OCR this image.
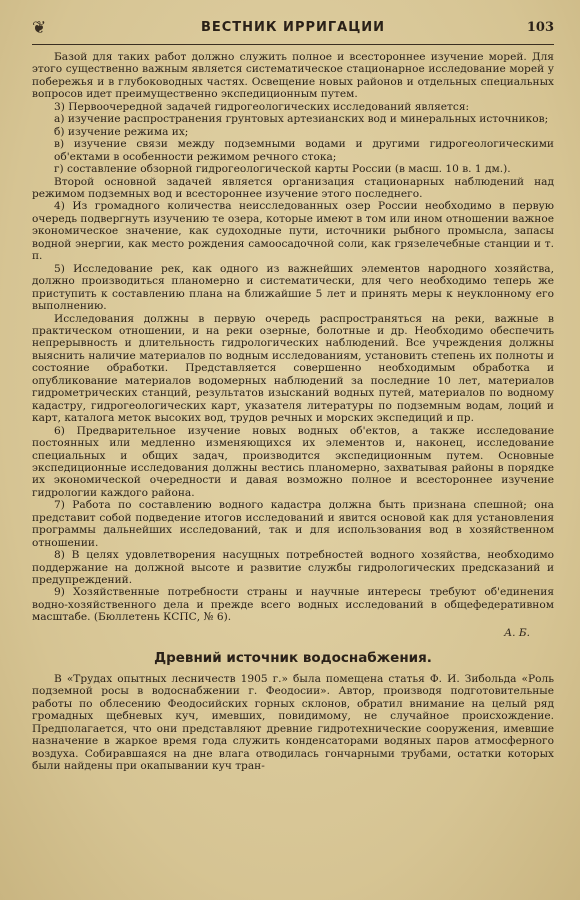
❦	ВЕСТНИК ИРРИГАЦИИ	103

Базой для таких работ должно служить полное и всестороннее изучение морей. Для этого существенно важным является систематическое стационарное исследование морей у побережья и в глубоководных частях. Освещение новых районов и отдельных специальных вопросов идет преимущественно экспедиционным путем.

3) Первоочередной задачей гидрогеологических исследований является:

а) изучение распространения грунтовых артезианских вод и минеральных источников;

б) изучение режима их;

в) изучение связи между подземными водами и другими гидрогеологическими об'ектами в особенности режимом речного стока;

г) составление обзорной гидрогеологической карты России (в масш. 10 в. 1 дм.).

Второй основной задачей является организация стационарных наблюдений над режимом подземных вод и всестороннее изучение этого последнего.

4) Из громадного количества неисследованных озер России необходимо в первую очередь подвергнуть изучению те озера, которые имеют в том или ином отношении важное экономическое значение, как судоходные пути, источники рыбного промысла, запасы водной энергии, как место рождения самоосадочной соли, как грязелечебные станции и т. п.

5) Исследование рек, как одного из важнейших элементов народного хозяйства, должно производиться планомерно и систематически, для чего необходимо теперь же приступить к составлению плана на ближайшие 5 лет и принять меры к неуклонному его выполнению.

Исследования должны в первую очередь распространяться на реки, важные в практическом отношении, и на реки озерные, болотные и др. Необходимо обеспечить непрерывность и длительность гидрологических наблюдений. Все учреждения должны выяснить наличие материалов по водным исследованиям, установить степень их полноты и состояние обработки. Представляется совершенно необходимым обработка и опубликование материалов водомерных наблюдений за последние 10 лет, материалов гидрометрических станций, результатов изысканий водных путей, материалов по водному кадастру, гидрогеологических карт, указателя литературы по подземным водам, лоций и карт, каталога меток высоких вод, трудов речных и морских экспедиций и пр.

6) Предварительное изучение новых водных об'ектов, а также исследование постоянных или медленно изменяющихся их элементов и, наконец, исследование специальных и общих задач, производится экспедиционным путем. Основные экспедиционные исследования должны вестись планомерно, захватывая районы в порядке их экономической очередности и давая возможно полное и всестороннее изучение гидрологии каждого района.

7) Работа по составлению водного кадастра должна быть признана спешной; она представит собой подведение итогов исследований и явится основой как для установления программы дальнейших исследований, так и для использования вод в хозяйственном отношении.

8) В целях удовлетворения насущных потребностей водного хозяйства, необходимо поддержание на должной высоте и развитие службы гидрологических предсказаний и предупреждений.

9) Хозяйственные потребности страны и научные интересы требуют об'единения водно-хозяйственного дела и прежде всего водных исследований в общефедеративном масштабе. (Бюллетень КСПС, № 6).

А. Б.
Древний источник водоснабжения.

В «Трудах опытных лесничеств 1905 г.» была помещена статья Ф. И. Зибольда «Роль подземной росы в водоснабжении г. Феодосии». Автор, производя подготовительные работы по облесению Феодосийских горных склонов, обратил внимание на целый ряд громадных щебневых куч, имевших, повидимому, не случайное происхождение. Предполагается, что они представляют древние гидротехнические сооружения, имевшие назначение в жаркое время года служить конденсаторами водяных паров атмосферного воздуха. Собиравшаяся на дне влага отводилась гончарными трубами, остатки которых были найдены при окапывании куч тран-
